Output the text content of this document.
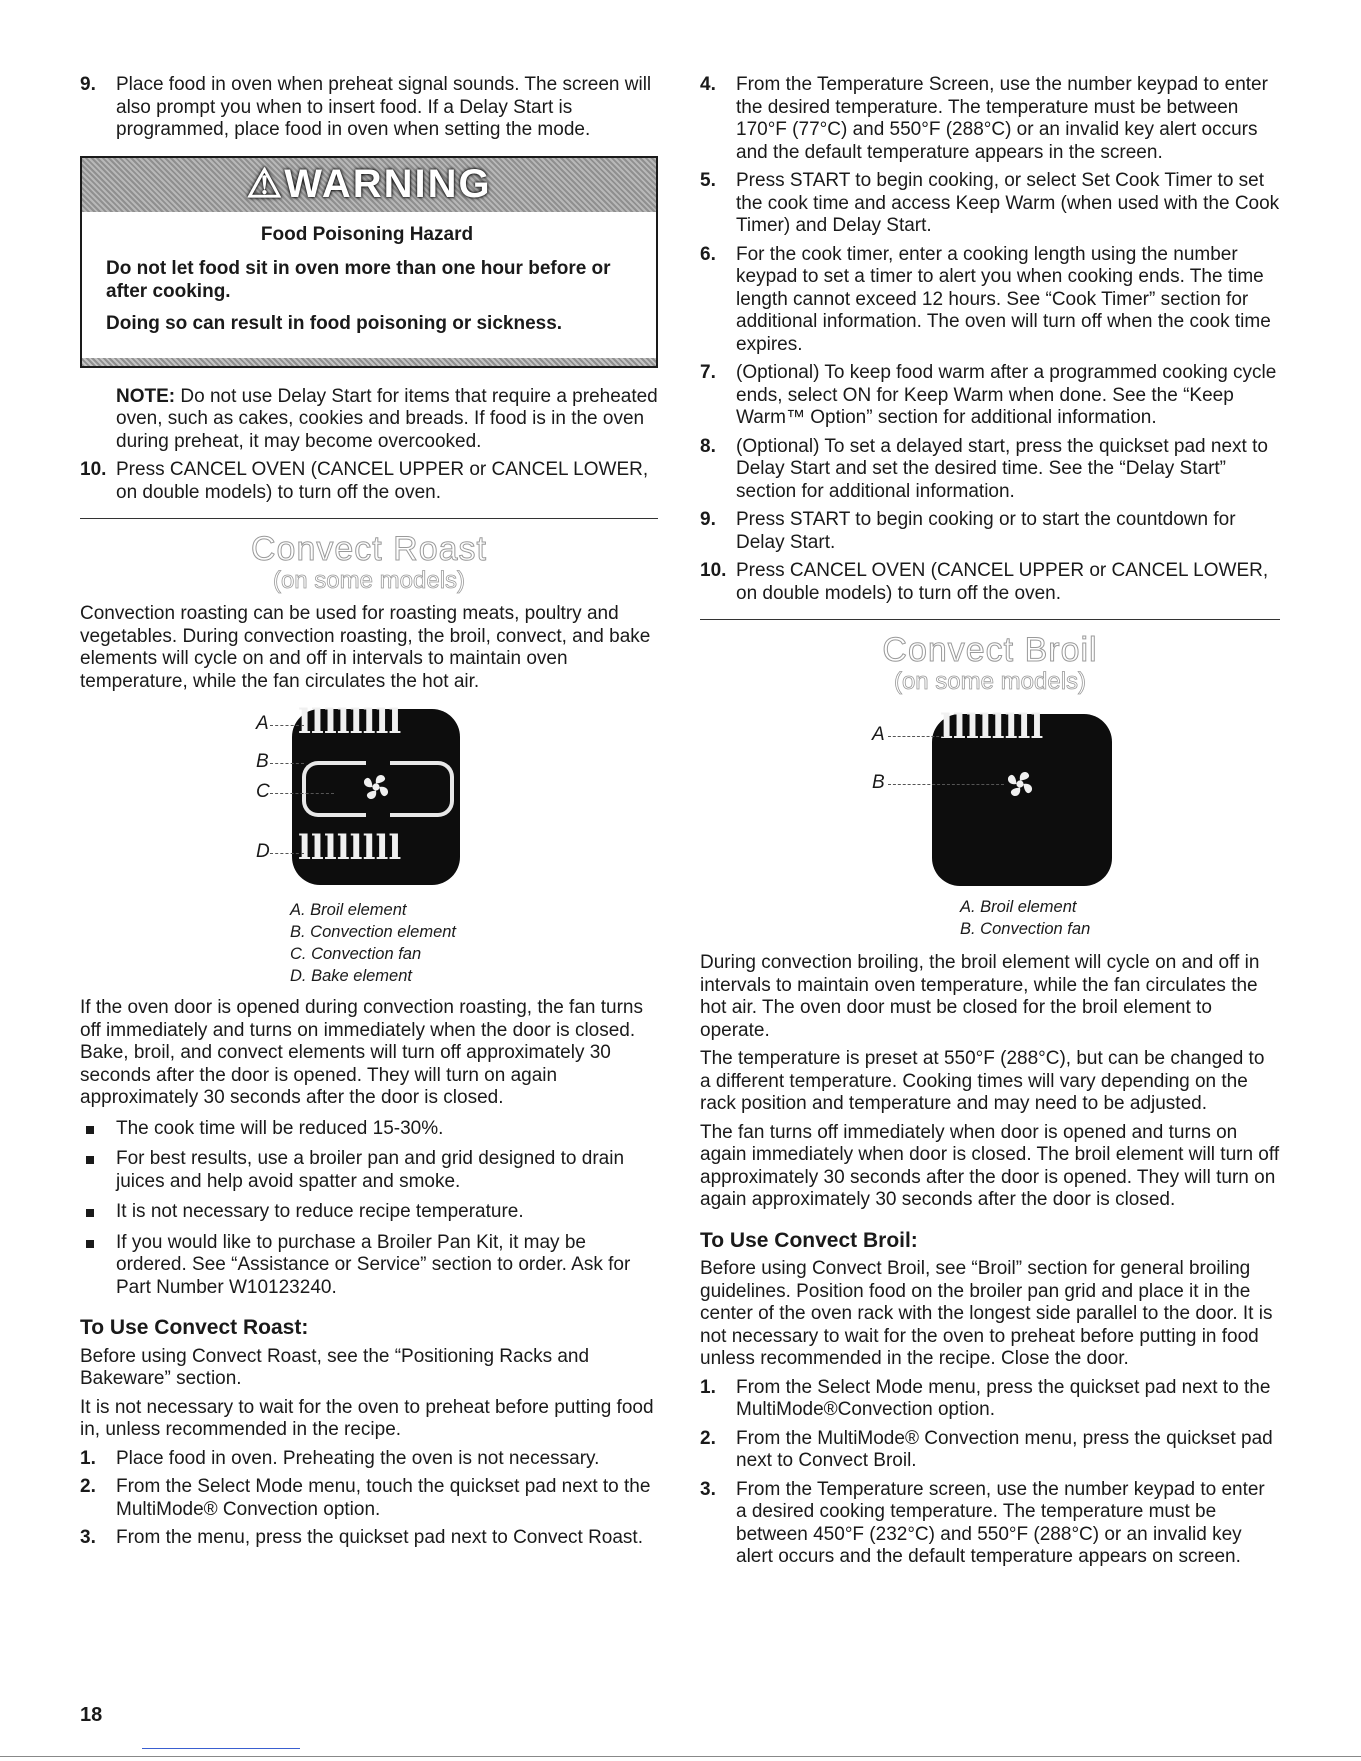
9. Place food in oven when preheat signal sounds. The screen will also prompt you when to insert food. If a Delay Start is programmed, place food in oven when setting the mode.
⚠WARNING
Food Poisoning Hazard

Do not let food sit in oven more than one hour before or after cooking.

Doing so can result in food poisoning or sickness.

NOTE: Do not use Delay Start for items that require a preheated oven, such as cakes, cookies and breads. If food is in the oven during preheat, it may become overcooked.
10. Press CANCEL OVEN (CANCEL UPPER or CANCEL LOWER, on double models) to turn off the oven.
Convect Roast
(on some models)

Convection roasting can be used for roasting meats, poultry and vegetables. During convection roasting, the broil, convect, and bake elements will cycle on and off in intervals to maintain oven temperature, while the fan circulates the hot air.

llllllll
llllllll
A
B
C
D
A. Broil element
B. Convection element
C. Convection fan
D. Bake element

If the oven door is opened during convection roasting, the fan turns off immediately and turns on immediately when the door is closed. Bake, broil, and convect elements will turn off approximately 30 seconds after the door is opened. They will turn on again approximately 30 seconds after the door is closed.

The cook time will be reduced 15-30%.
For best results, use a broiler pan and grid designed to drain juices and help avoid spatter and smoke.
It is not necessary to reduce recipe temperature.
If you would like to purchase a Broiler Pan Kit, it may be ordered. See “Assistance or Service” section to order. Ask for Part Number W10123240.
To Use Convect Roast:

Before using Convect Roast, see the “Positioning Racks and Bakeware” section.

It is not necessary to wait for the oven to preheat before putting food in, unless recommended in the recipe.

1. Place food in oven. Preheating the oven is not necessary.
2. From the Select Mode menu, touch the quickset pad next to the MultiMode® Convection option.
3. From the menu, press the quickset pad next to Convect Roast.
4. From the Temperature Screen, use the number keypad to enter the desired temperature. The temperature must be between 170°F (77°C) and 550°F (288°C) or an invalid key alert occurs and the default temperature appears in the screen.
5. Press START to begin cooking, or select Set Cook Timer to set the cook time and access Keep Warm (when used with the Cook Timer) and Delay Start.
6. For the cook timer, enter a cooking length using the number keypad to set a timer to alert you when cooking ends. The time length cannot exceed 12 hours. See “Cook Timer” section for additional information. The oven will turn off when the cook time expires.
7. (Optional) To keep food warm after a programmed cooking cycle ends, select ON for Keep Warm when done. See the “Keep Warm™ Option” section for additional information.
8. (Optional) To set a delayed start, press the quickset pad next to Delay Start and set the desired time. See the “Delay Start” section for additional information.
9. Press START to begin cooking or to start the countdown for Delay Start.
10. Press CANCEL OVEN (CANCEL UPPER or CANCEL LOWER, on double models) to turn off the oven.
Convect Broil
(on some models)
llllllll
A
B
A. Broil element
B. Convection fan

During convection broiling, the broil element will cycle on and off in intervals to maintain oven temperature, while the fan circulates the hot air. The oven door must be closed for the broil element to operate.

The temperature is preset at 550°F (288°C), but can be changed to a different temperature. Cooking times will vary depending on the rack position and temperature and may need to be adjusted.

The fan turns off immediately when door is opened and turns on again immediately when door is closed. The broil element will turn off approximately 30 seconds after the door is opened. They will turn on again approximately 30 seconds after the door is closed.

To Use Convect Broil:

Before using Convect Broil, see “Broil” section for general broiling guidelines. Position food on the broiler pan grid and place it in the center of the oven rack with the longest side parallel to the door. It is not necessary to wait for the oven to preheat before putting in food unless recommended in the recipe. Close the door.

1. From the Select Mode menu, press the quickset pad next to the MultiMode®Convection option.
2. From the MultiMode® Convection menu, press the quickset pad next to Convect Broil.
3. From the Temperature screen, use the number keypad to enter a desired cooking temperature. The temperature must be between 450°F (232°C) and 550°F (288°C) or an invalid key alert occurs and the default temperature appears on screen.
18
